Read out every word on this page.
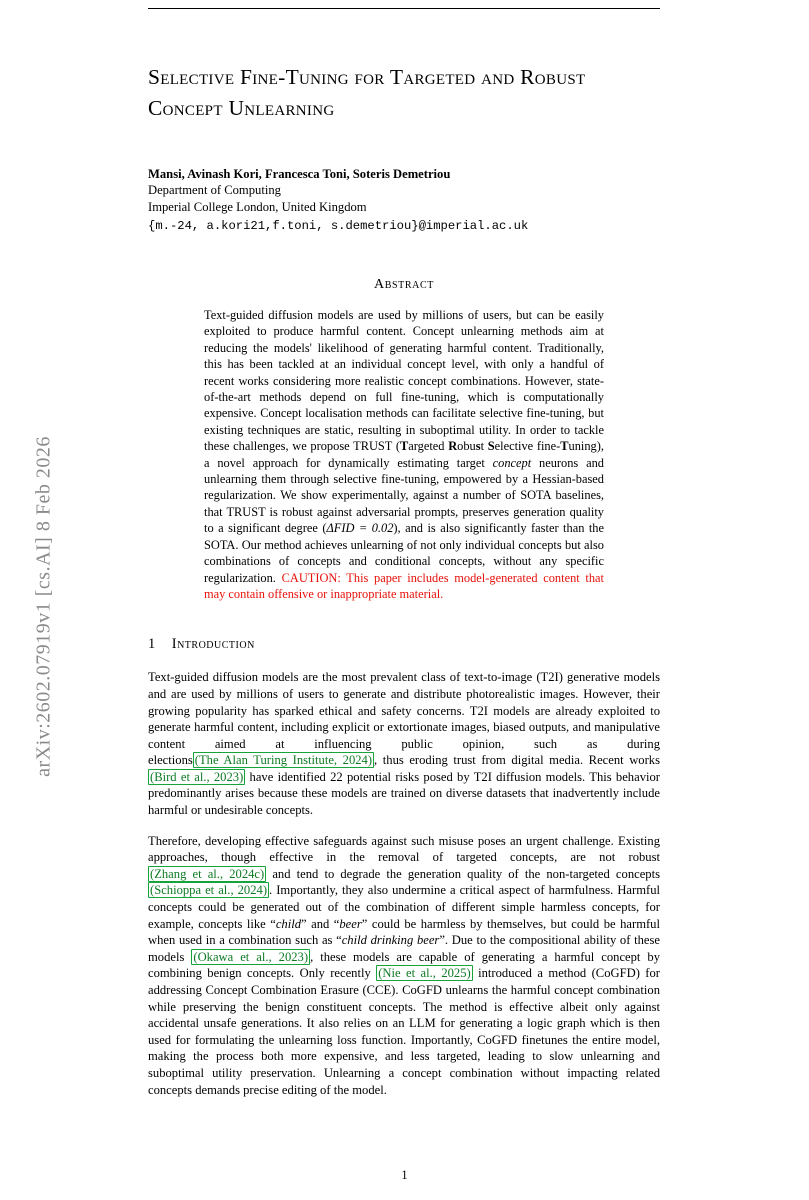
arXiv:2602.07919v1 [cs.AI] 8 Feb 2026
Selective Fine-Tuning for Targeted and Robust Concept Unlearning
Mansi, Avinash Kori, Francesca Toni, Soteris Demetriou
Department of Computing
Imperial College London, United Kingdom
{m.-24, a.kori21,f.toni, s.demetriou}@imperial.ac.uk
Abstract
Text-guided diffusion models are used by millions of users, but can be easily exploited to produce harmful content. Concept unlearning methods aim at reducing the models' likelihood of generating harmful content. Traditionally, this has been tackled at an individual concept level, with only a handful of recent works considering more realistic concept combinations. However, state-of-the-art methods depend on full fine-tuning, which is computationally expensive. Concept localisation methods can facilitate selective fine-tuning, but existing techniques are static, resulting in suboptimal utility. In order to tackle these challenges, we propose TRUST (Targeted Robust Selective fine-Tuning), a novel approach for dynamically estimating target concept neurons and unlearning them through selective fine-tuning, empowered by a Hessian-based regularization. We show experimentally, against a number of SOTA baselines, that TRUST is robust against adversarial prompts, preserves generation quality to a significant degree (ΔFID = 0.02), and is also significantly faster than the SOTA. Our method achieves unlearning of not only individual concepts but also combinations of concepts and conditional concepts, without any specific regularization. CAUTION: This paper includes model-generated content that may contain offensive or inappropriate material.
1 Introduction
Text-guided diffusion models are the most prevalent class of text-to-image (T2I) generative models and are used by millions of users to generate and distribute photorealistic images. However, their growing popularity has sparked ethical and safety concerns. T2I models are already exploited to generate harmful content, including explicit or extortionate images, biased outputs, and manipulative content aimed at influencing public opinion, such as during elections (The Alan Turing Institute, 2024) , thus eroding trust from digital media. Recent works (Bird et al., 2023) have identified 22 potential risks posed by T2I diffusion models. This behavior predominantly arises because these models are trained on diverse datasets that inadvertently include harmful or undesirable concepts.
Therefore, developing effective safeguards against such misuse poses an urgent challenge. Existing approaches, though effective in the removal of targeted concepts, are not robust (Zhang et al., 2024c) and tend to degrade the generation quality of the non-targeted concepts (Schioppa et al., 2024) . Importantly, they also undermine a critical aspect of harmfulness. Harmful concepts could be generated out of the combination of different simple harmless concepts, for example, concepts like “child” and “beer” could be harmless by themselves, but could be harmful when used in a combination such as “child drinking beer”. Due to the compositional ability of these models (Okawa et al., 2023) , these models are capable of generating a harmful concept by combining benign concepts. Only recently (Nie et al., 2025) introduced a method (CoGFD) for addressing Concept Combination Erasure (CCE). CoGFD unlearns the harmful concept combination while preserving the benign constituent concepts. The method is effective albeit only against accidental unsafe generations. It also relies on an LLM for generating a logic graph which is then used for formulating the unlearning loss function. Importantly, CoGFD finetunes the entire model, making the process both more expensive, and less targeted, leading to slow unlearning and suboptimal utility preservation. Unlearning a concept combination without impacting related concepts demands precise editing of the model.
1
